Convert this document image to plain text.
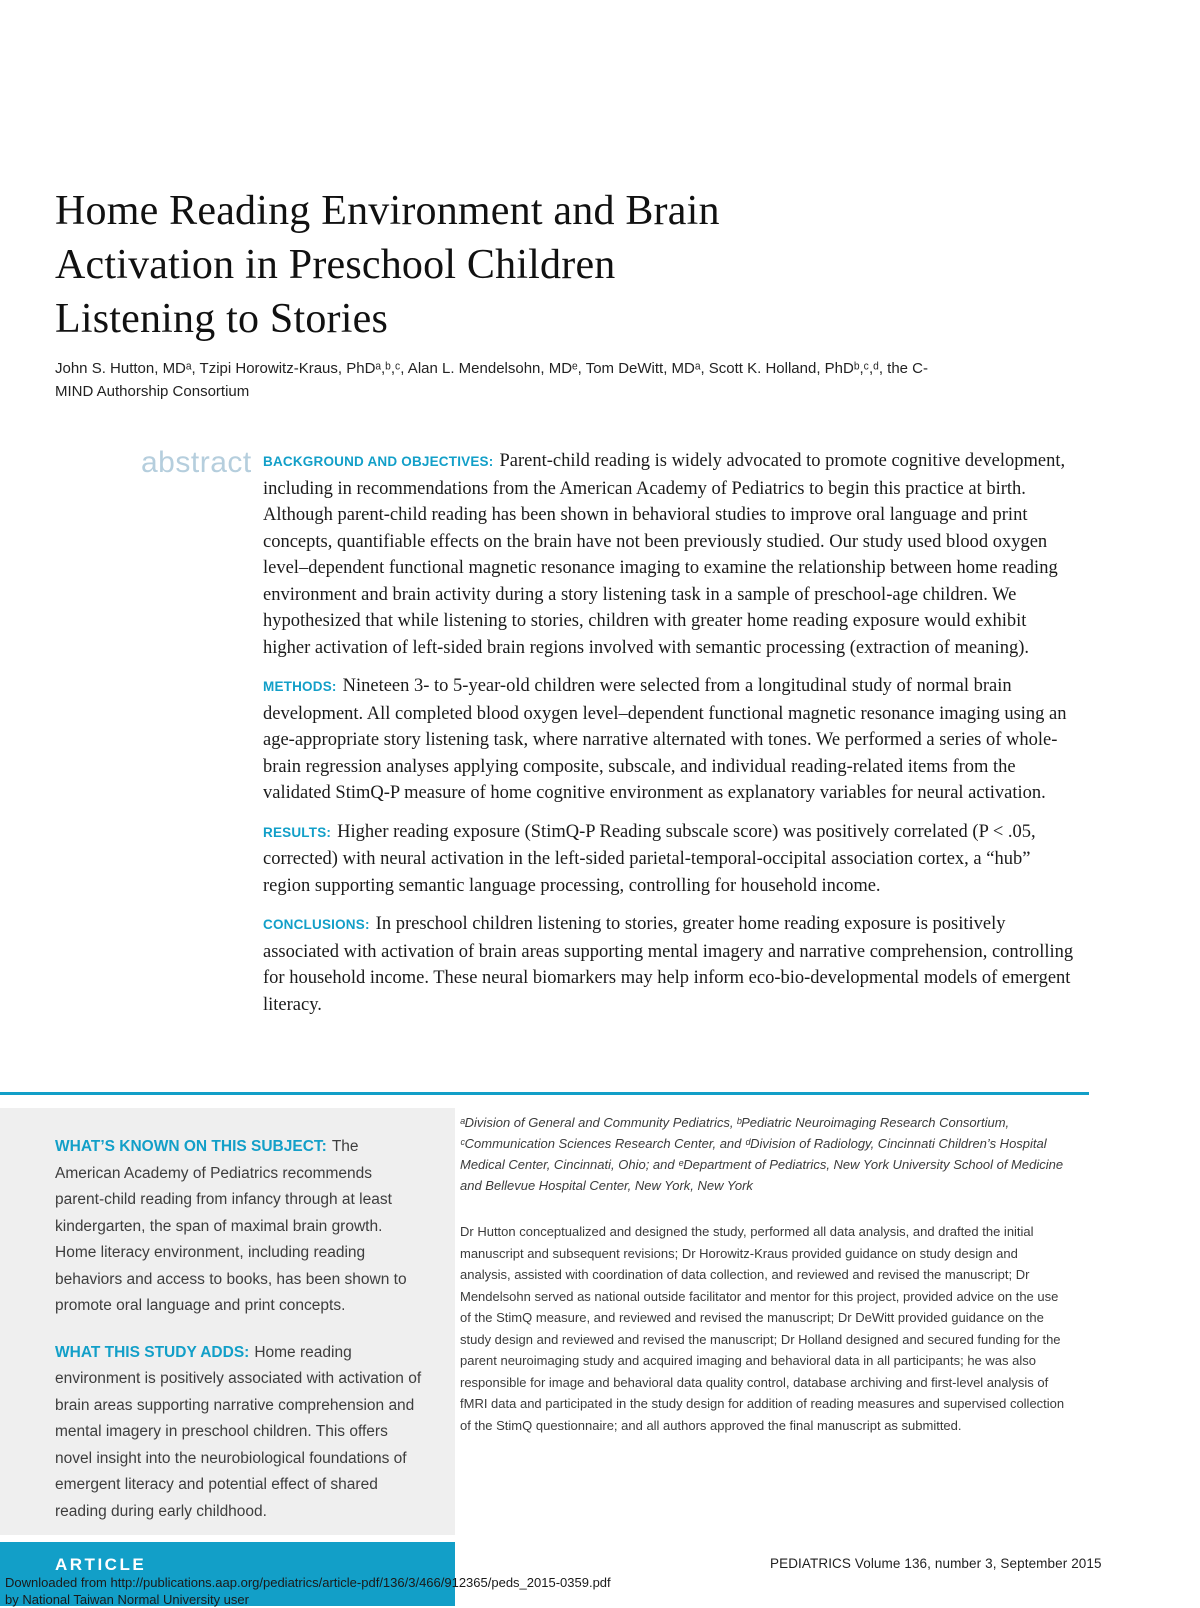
Home Reading Environment and Brain
Activation in Preschool Children
Listening to Stories
John S. Hutton, MDᵃ, Tzipi Horowitz-Kraus, PhDᵃ,ᵇ,ᶜ, Alan L. Mendelsohn, MDᵉ, Tom DeWitt, MDᵃ, Scott K. Holland, PhDᵇ,ᶜ,ᵈ, the C-MIND Authorship Consortium
abstract BACKGROUND AND OBJECTIVES: Parent-child reading is widely advocated to promote cognitive development, including in recommendations from the American Academy of Pediatrics to begin this practice at birth. Although parent-child reading has been shown in behavioral studies to improve oral language and print concepts, quantifiable effects on the brain have not been previously studied. Our study used blood oxygen level–dependent functional magnetic resonance imaging to examine the relationship between home reading environment and brain activity during a story listening task in a sample of preschool-age children. We hypothesized that while listening to stories, children with greater home reading exposure would exhibit higher activation of left-sided brain regions involved with semantic processing (extraction of meaning).

METHODS: Nineteen 3- to 5-year-old children were selected from a longitudinal study of normal brain development. All completed blood oxygen level–dependent functional magnetic resonance imaging using an age-appropriate story listening task, where narrative alternated with tones. We performed a series of whole-brain regression analyses applying composite, subscale, and individual reading-related items from the validated StimQ-P measure of home cognitive environment as explanatory variables for neural activation.

RESULTS: Higher reading exposure (StimQ-P Reading subscale score) was positively correlated (P < .05, corrected) with neural activation in the left-sided parietal-temporal-occipital association cortex, a “hub” region supporting semantic language processing, controlling for household income.

CONCLUSIONS: In preschool children listening to stories, greater home reading exposure is positively associated with activation of brain areas supporting mental imagery and narrative comprehension, controlling for household income. These neural biomarkers may help inform eco-bio-developmental models of emergent literacy.

WHAT’S KNOWN ON THIS SUBJECT: The American Academy of Pediatrics recommends parent-child reading from infancy through at least kindergarten, the span of maximal brain growth. Home literacy environment, including reading behaviors and access to books, has been shown to promote oral language and print concepts.

WHAT THIS STUDY ADDS: Home reading environment is positively associated with activation of brain areas supporting narrative comprehension and mental imagery in preschool children. This offers novel insight into the neurobiological foundations of emergent literacy and potential effect of shared reading during early childhood.

ᵃDivision of General and Community Pediatrics, ᵇPediatric Neuroimaging Research Consortium, ᶜCommunication Sciences Research Center, and ᵈDivision of Radiology, Cincinnati Children’s Hospital Medical Center, Cincinnati, Ohio; and ᵉDepartment of Pediatrics, New York University School of Medicine and Bellevue Hospital Center, New York, New York

Dr Hutton conceptualized and designed the study, performed all data analysis, and drafted the initial manuscript and subsequent revisions; Dr Horowitz-Kraus provided guidance on study design and analysis, assisted with coordination of data collection, and reviewed and revised the manuscript; Dr Mendelsohn served as national outside facilitator and mentor for this project, provided advice on the use of the StimQ measure, and reviewed and revised the manuscript; Dr DeWitt provided guidance on the study design and reviewed and revised the manuscript; Dr Holland designed and secured funding for the parent neuroimaging study and acquired imaging and behavioral data in all participants; he was also responsible for image and behavioral data quality control, database archiving and first-level analysis of fMRI data and participated in the study design for addition of reading measures and supervised collection of the StimQ questionnaire; and all authors approved the final manuscript as submitted.

ARTICLE	PEDIATRICS Volume 136, number 3, September 2015
Downloaded from http://publications.aap.org/pediatrics/article-pdf/136/3/466/912365/peds_2015-0359.pdf
by National Taiwan Normal University user
